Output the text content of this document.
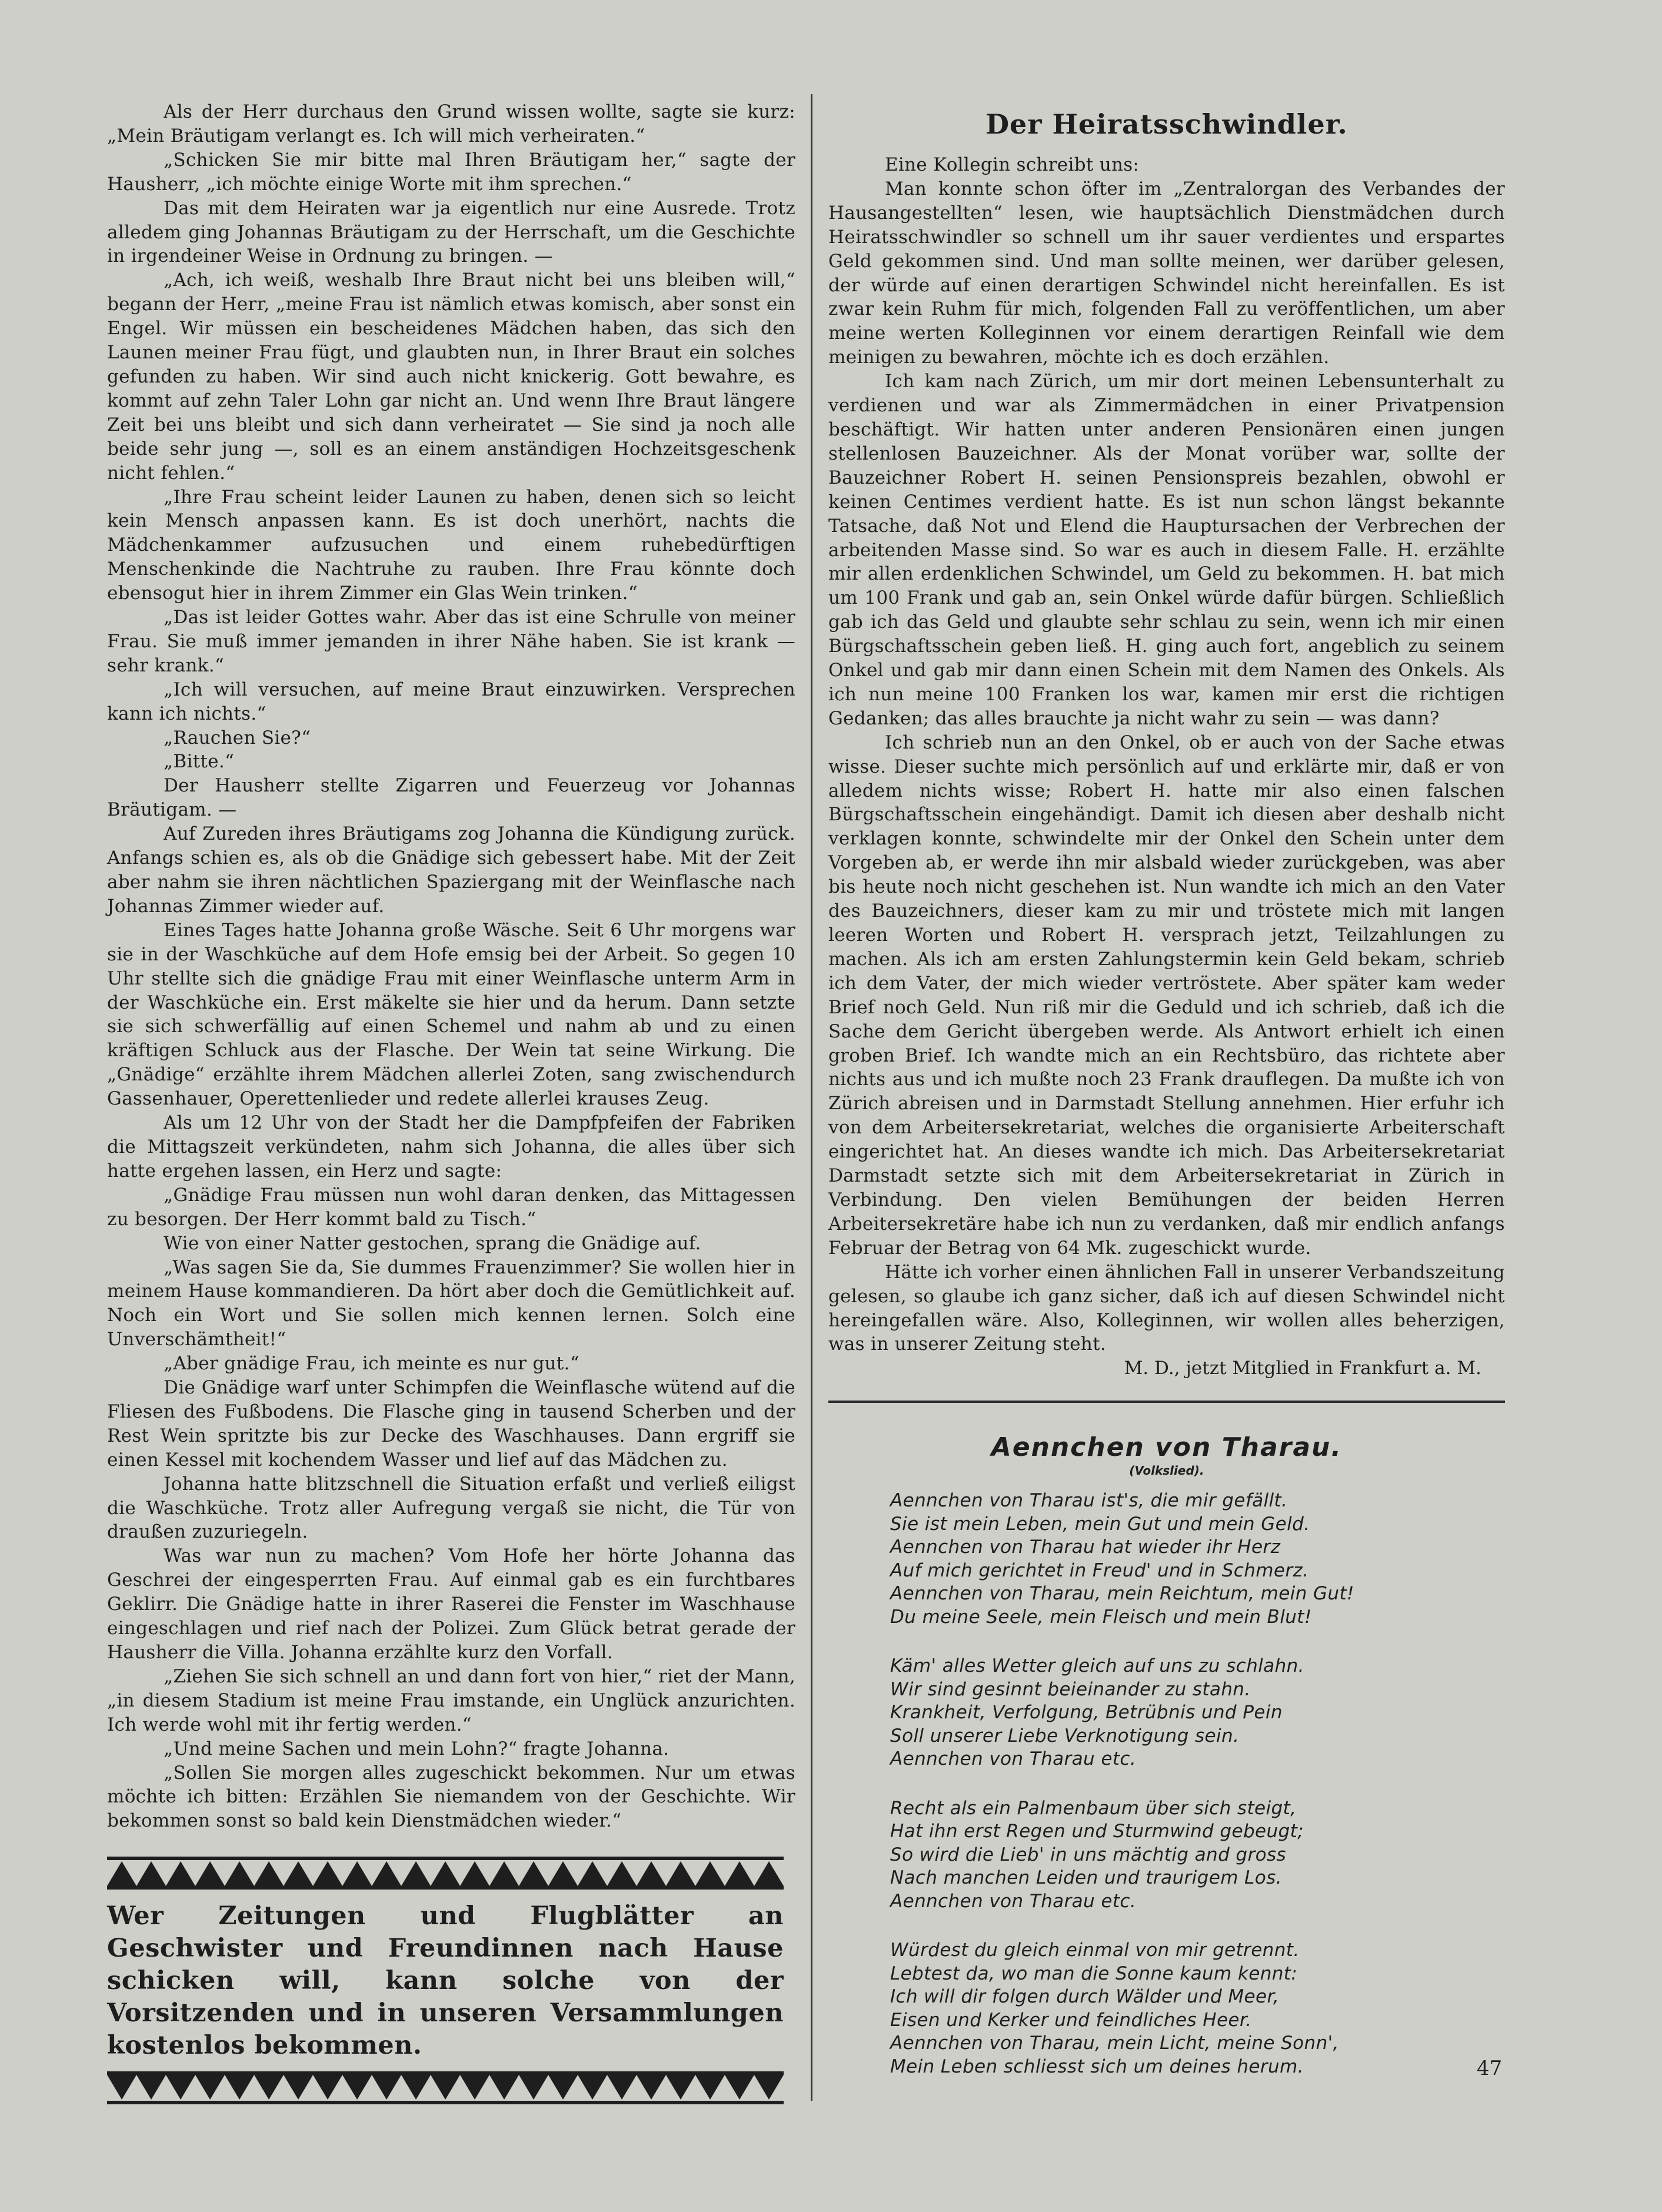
Als der Herr durchaus den Grund wissen wollte, sagte sie kurz: „Mein Bräutigam verlangt es. Ich will mich verheiraten.“

„Schicken Sie mir bitte mal Ihren Bräutigam her,“ sagte der Hausherr, „ich möchte einige Worte mit ihm sprechen.“

Das mit dem Heiraten war ja eigentlich nur eine Ausrede. Trotz alledem ging Johannas Bräutigam zu der Herrschaft, um die Geschichte in irgendeiner Weise in Ordnung zu bringen. —

„Ach, ich weiß, weshalb Ihre Braut nicht bei uns bleiben will,“ begann der Herr, „meine Frau ist nämlich etwas komisch, aber sonst ein Engel. Wir müssen ein bescheidenes Mädchen haben, das sich den Launen meiner Frau fügt, und glaubten nun, in Ihrer Braut ein solches gefunden zu haben. Wir sind auch nicht knickerig. Gott bewahre, es kommt auf zehn Taler Lohn gar nicht an. Und wenn Ihre Braut längere Zeit bei uns bleibt und sich dann verheiratet — Sie sind ja noch alle beide sehr jung —, soll es an einem anständigen Hochzeitsgeschenk nicht fehlen.“

„Ihre Frau scheint leider Launen zu haben, denen sich so leicht kein Mensch anpassen kann. Es ist doch unerhört, nachts die Mädchenkammer aufzusuchen und einem ruhebedürftigen Menschenkinde die Nachtruhe zu rauben. Ihre Frau könnte doch ebensogut hier in ihrem Zimmer ein Glas Wein trinken.“

„Das ist leider Gottes wahr. Aber das ist eine Schrulle von meiner Frau. Sie muß immer jemanden in ihrer Nähe haben. Sie ist krank — sehr krank.“

„Ich will versuchen, auf meine Braut einzuwirken. Versprechen kann ich nichts.“

„Rauchen Sie?“

„Bitte.“

Der Hausherr stellte Zigarren und Feuerzeug vor Johannas Bräutigam. —

Auf Zureden ihres Bräutigams zog Johanna die Kündigung zurück. Anfangs schien es, als ob die Gnädige sich gebessert habe. Mit der Zeit aber nahm sie ihren nächtlichen Spaziergang mit der Weinflasche nach Johannas Zimmer wieder auf.

Eines Tages hatte Johanna große Wäsche. Seit 6 Uhr morgens war sie in der Waschküche auf dem Hofe emsig bei der Arbeit. So gegen 10 Uhr stellte sich die gnädige Frau mit einer Weinflasche unterm Arm in der Waschküche ein. Erst mäkelte sie hier und da herum. Dann setzte sie sich schwerfällig auf einen Schemel und nahm ab und zu einen kräftigen Schluck aus der Flasche. Der Wein tat seine Wirkung. Die „Gnädige“ erzählte ihrem Mädchen allerlei Zoten, sang zwischendurch Gassenhauer, Operettenlieder und redete allerlei krauses Zeug.

Als um 12 Uhr von der Stadt her die Dampfpfeifen der Fabriken die Mittagszeit verkündeten, nahm sich Johanna, die alles über sich hatte ergehen lassen, ein Herz und sagte:

„Gnädige Frau müssen nun wohl daran denken, das Mittagessen zu besorgen. Der Herr kommt bald zu Tisch.“

Wie von einer Natter gestochen, sprang die Gnädige auf.

„Was sagen Sie da, Sie dummes Frauenzimmer? Sie wollen hier in meinem Hause kommandieren. Da hört aber doch die Gemütlichkeit auf. Noch ein Wort und Sie sollen mich kennen lernen. Solch eine Unverschämtheit!“

„Aber gnädige Frau, ich meinte es nur gut.“

Die Gnädige warf unter Schimpfen die Weinflasche wütend auf die Fliesen des Fußbodens. Die Flasche ging in tausend Scherben und der Rest Wein spritzte bis zur Decke des Waschhauses. Dann ergriff sie einen Kessel mit kochendem Wasser und lief auf das Mädchen zu.

Johanna hatte blitzschnell die Situation erfaßt und verließ eiligst die Waschküche. Trotz aller Aufregung vergaß sie nicht, die Tür von draußen zuzuriegeln.

Was war nun zu machen? Vom Hofe her hörte Johanna das Geschrei der eingesperrten Frau. Auf einmal gab es ein furchtbares Geklirr. Die Gnädige hatte in ihrer Raserei die Fenster im Waschhause eingeschlagen und rief nach der Polizei. Zum Glück betrat gerade der Hausherr die Villa. Johanna erzählte kurz den Vorfall.

„Ziehen Sie sich schnell an und dann fort von hier,“ riet der Mann, „in diesem Stadium ist meine Frau imstande, ein Unglück anzurichten. Ich werde wohl mit ihr fertig werden.“

„Und meine Sachen und mein Lohn?“ fragte Johanna.

„Sollen Sie morgen alles zugeschickt bekommen. Nur um etwas möchte ich bitten: Erzählen Sie niemandem von der Geschichte. Wir bekommen sonst so bald kein Dienstmädchen wieder.“

Wer Zeitungen und Flugblätter an Geschwister und Freundinnen nach Hause schicken will, kann solche von der Vorsitzenden und in unseren Versammlungen kostenlos bekommen.

Der Heiratsschwindler.

Eine Kollegin schreibt uns:

Man konnte schon öfter im „Zentralorgan des Verbandes der Hausangestellten“ lesen, wie hauptsächlich Dienstmädchen durch Heiratsschwindler so schnell um ihr sauer verdientes und erspartes Geld gekommen sind. Und man sollte meinen, wer darüber gelesen, der würde auf einen derartigen Schwindel nicht hereinfallen. Es ist zwar kein Ruhm für mich, folgenden Fall zu veröffentlichen, um aber meine werten Kolleginnen vor einem derartigen Reinfall wie dem meinigen zu bewahren, möchte ich es doch erzählen.

Ich kam nach Zürich, um mir dort meinen Lebensunterhalt zu verdienen und war als Zimmermädchen in einer Privatpension beschäftigt. Wir hatten unter anderen Pensionären einen jungen stellenlosen Bauzeichner. Als der Monat vorüber war, sollte der Bauzeichner Robert H. seinen Pensionspreis bezahlen, obwohl er keinen Centimes verdient hatte. Es ist nun schon längst bekannte Tatsache, daß Not und Elend die Hauptursachen der Verbrechen der arbeitenden Masse sind. So war es auch in diesem Falle. H. erzählte mir allen erdenklichen Schwindel, um Geld zu bekommen. H. bat mich um 100 Frank und gab an, sein Onkel würde dafür bürgen. Schließlich gab ich das Geld und glaubte sehr schlau zu sein, wenn ich mir einen Bürgschaftsschein geben ließ. H. ging auch fort, angeblich zu seinem Onkel und gab mir dann einen Schein mit dem Namen des Onkels. Als ich nun meine 100 Franken los war, kamen mir erst die richtigen Gedanken; das alles brauchte ja nicht wahr zu sein — was dann?

Ich schrieb nun an den Onkel, ob er auch von der Sache etwas wisse. Dieser suchte mich persönlich auf und erklärte mir, daß er von alledem nichts wisse; Robert H. hatte mir also einen falschen Bürgschaftsschein eingehändigt. Damit ich diesen aber deshalb nicht verklagen konnte, schwindelte mir der Onkel den Schein unter dem Vorgeben ab, er werde ihn mir alsbald wieder zurückgeben, was aber bis heute noch nicht geschehen ist. Nun wandte ich mich an den Vater des Bauzeichners, dieser kam zu mir und tröstete mich mit langen leeren Worten und Robert H. versprach jetzt, Teilzahlungen zu machen. Als ich am ersten Zahlungstermin kein Geld bekam, schrieb ich dem Vater, der mich wieder vertröstete. Aber später kam weder Brief noch Geld. Nun riß mir die Geduld und ich schrieb, daß ich die Sache dem Gericht übergeben werde. Als Antwort erhielt ich einen groben Brief. Ich wandte mich an ein Rechtsbüro, das richtete aber nichts aus und ich mußte noch 23 Frank drauflegen. Da mußte ich von Zürich abreisen und in Darmstadt Stellung annehmen. Hier erfuhr ich von dem Arbeitersekretariat, welches die organisierte Arbeiterschaft eingerichtet hat. An dieses wandte ich mich. Das Arbeitersekretariat Darmstadt setzte sich mit dem Arbeitersekretariat in Zürich in Verbindung. Den vielen Bemühungen der beiden Herren Arbeitersekretäre habe ich nun zu verdanken, daß mir endlich anfangs Februar der Betrag von 64 Mk. zugeschickt wurde.

Hätte ich vorher einen ähnlichen Fall in unserer Verbandszeitung gelesen, so glaube ich ganz sicher, daß ich auf diesen Schwindel nicht hereingefallen wäre. Also, Kolleginnen, wir wollen alles beherzigen, was in unserer Zeitung steht.

M. D., jetzt Mitglied in Frankfurt a. M.

Aennchen von Tharau.

(Volkslied).

Aennchen von Tharau ist's, die mir gefällt.

Sie ist mein Leben, mein Gut und mein Geld.

Aennchen von Tharau hat wieder ihr Herz

Auf mich gerichtet in Freud' und in Schmerz.

Aennchen von Tharau, mein Reichtum, mein Gut!

Du meine Seele, mein Fleisch und mein Blut!

Käm' alles Wetter gleich auf uns zu schlahn.

Wir sind gesinnt beieinander zu stahn.

Krankheit, Verfolgung, Betrübnis und Pein

Soll unserer Liebe Verknotigung sein.

Aennchen von Tharau etc.

Recht als ein Palmenbaum über sich steigt,

Hat ihn erst Regen und Sturmwind gebeugt;

So wird die Lieb' in uns mächtig and gross

Nach manchen Leiden und traurigem Los.

Aennchen von Tharau etc.

Würdest du gleich einmal von mir getrennt.

Lebtest da, wo man die Sonne kaum kennt:

Ich will dir folgen durch Wälder und Meer,

Eisen und Kerker und feindliches Heer.

Aennchen von Tharau, mein Licht, meine Sonn',

Mein Leben schliesst sich um deines herum.	47
